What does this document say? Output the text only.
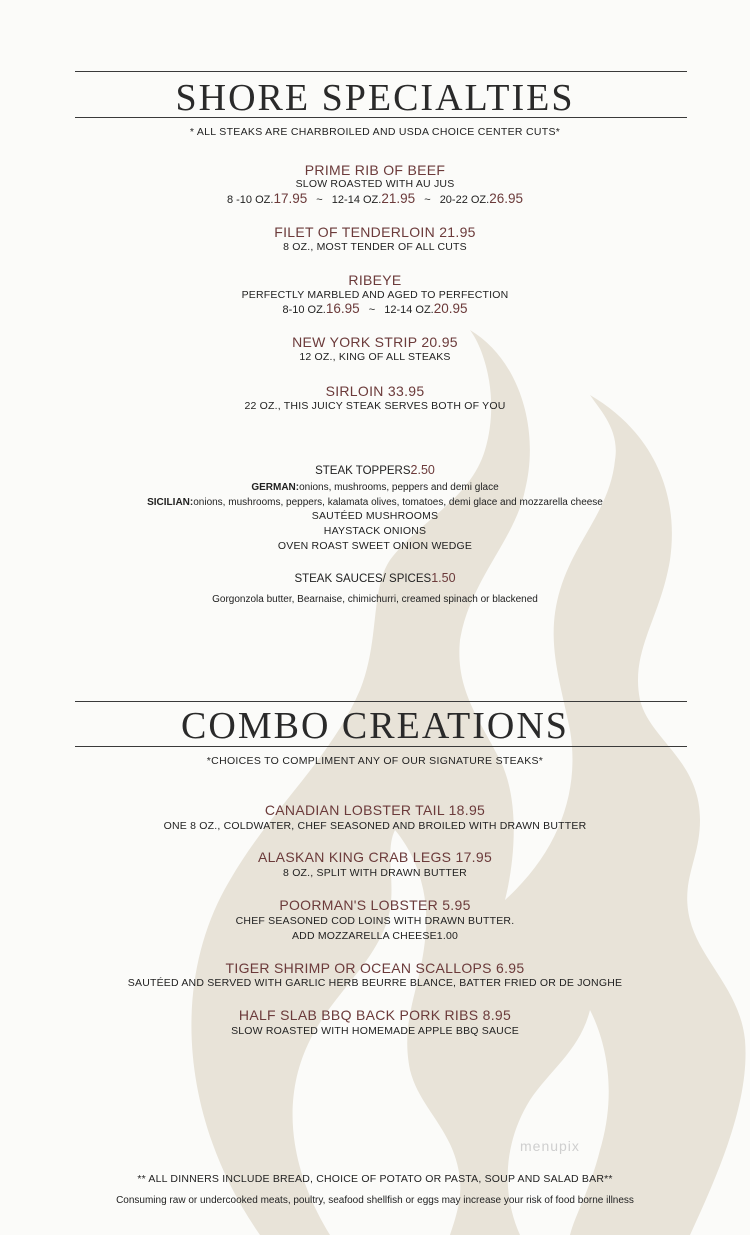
SHORE SPECIALTIES
* ALL STEAKS ARE CHARBROILED AND USDA CHOICE CENTER CUTS*
PRIME RIB OF BEEF
SLOW ROASTED WITH AU JUS
8 -10 OZ.17.95 ~ 12-14 OZ.21.95 ~ 20-22 OZ.26.95
FILET OF TENDERLOIN 21.95
8 OZ., MOST TENDER OF ALL CUTS
RIBEYE
PERFECTLY MARBLED AND AGED TO PERFECTION
8-10 OZ.16.95 ~ 12-14 OZ.20.95
NEW YORK STRIP 20.95
12 OZ., KING OF ALL STEAKS
SIRLOIN 33.95
22 OZ., THIS JUICY STEAK SERVES BOTH OF YOU
STEAK TOPPERS2.50
GERMAN:onions, mushrooms, peppers and demi glace
SICILIAN:onions, mushrooms, peppers, kalamata olives, tomatoes, demi glace and mozzarella cheese
SAUTÉED MUSHROOMS
HAYSTACK ONIONS
OVEN ROAST SWEET ONION WEDGE
STEAK SAUCES/ SPICES1.50
Gorgonzola butter, Bearnaise, chimichurri, creamed spinach or blackened
COMBO CREATIONS
*CHOICES TO COMPLIMENT ANY OF OUR SIGNATURE STEAKS*
CANADIAN LOBSTER TAIL 18.95
ONE 8 OZ., COLDWATER, CHEF SEASONED AND BROILED WITH DRAWN BUTTER
ALASKAN KING CRAB LEGS 17.95
8 OZ., SPLIT WITH DRAWN BUTTER
POORMAN'S LOBSTER 5.95
CHEF SEASONED COD LOINS WITH DRAWN BUTTER.
ADD MOZZARELLA CHEESE1.00
TIGER SHRIMP OR OCEAN SCALLOPS 6.95
SAUTÉED AND SERVED WITH GARLIC HERB BEURRE BLANCE, BATTER FRIED OR DE JONGHE
HALF SLAB BBQ BACK PORK RIBS 8.95
SLOW ROASTED WITH HOMEMADE APPLE BBQ SAUCE
menupix
** ALL DINNERS INCLUDE BREAD, CHOICE OF POTATO OR PASTA, SOUP AND SALAD BAR**
Consuming raw or undercooked meats, poultry, seafood shellfish or eggs may increase your risk of food borne illness
